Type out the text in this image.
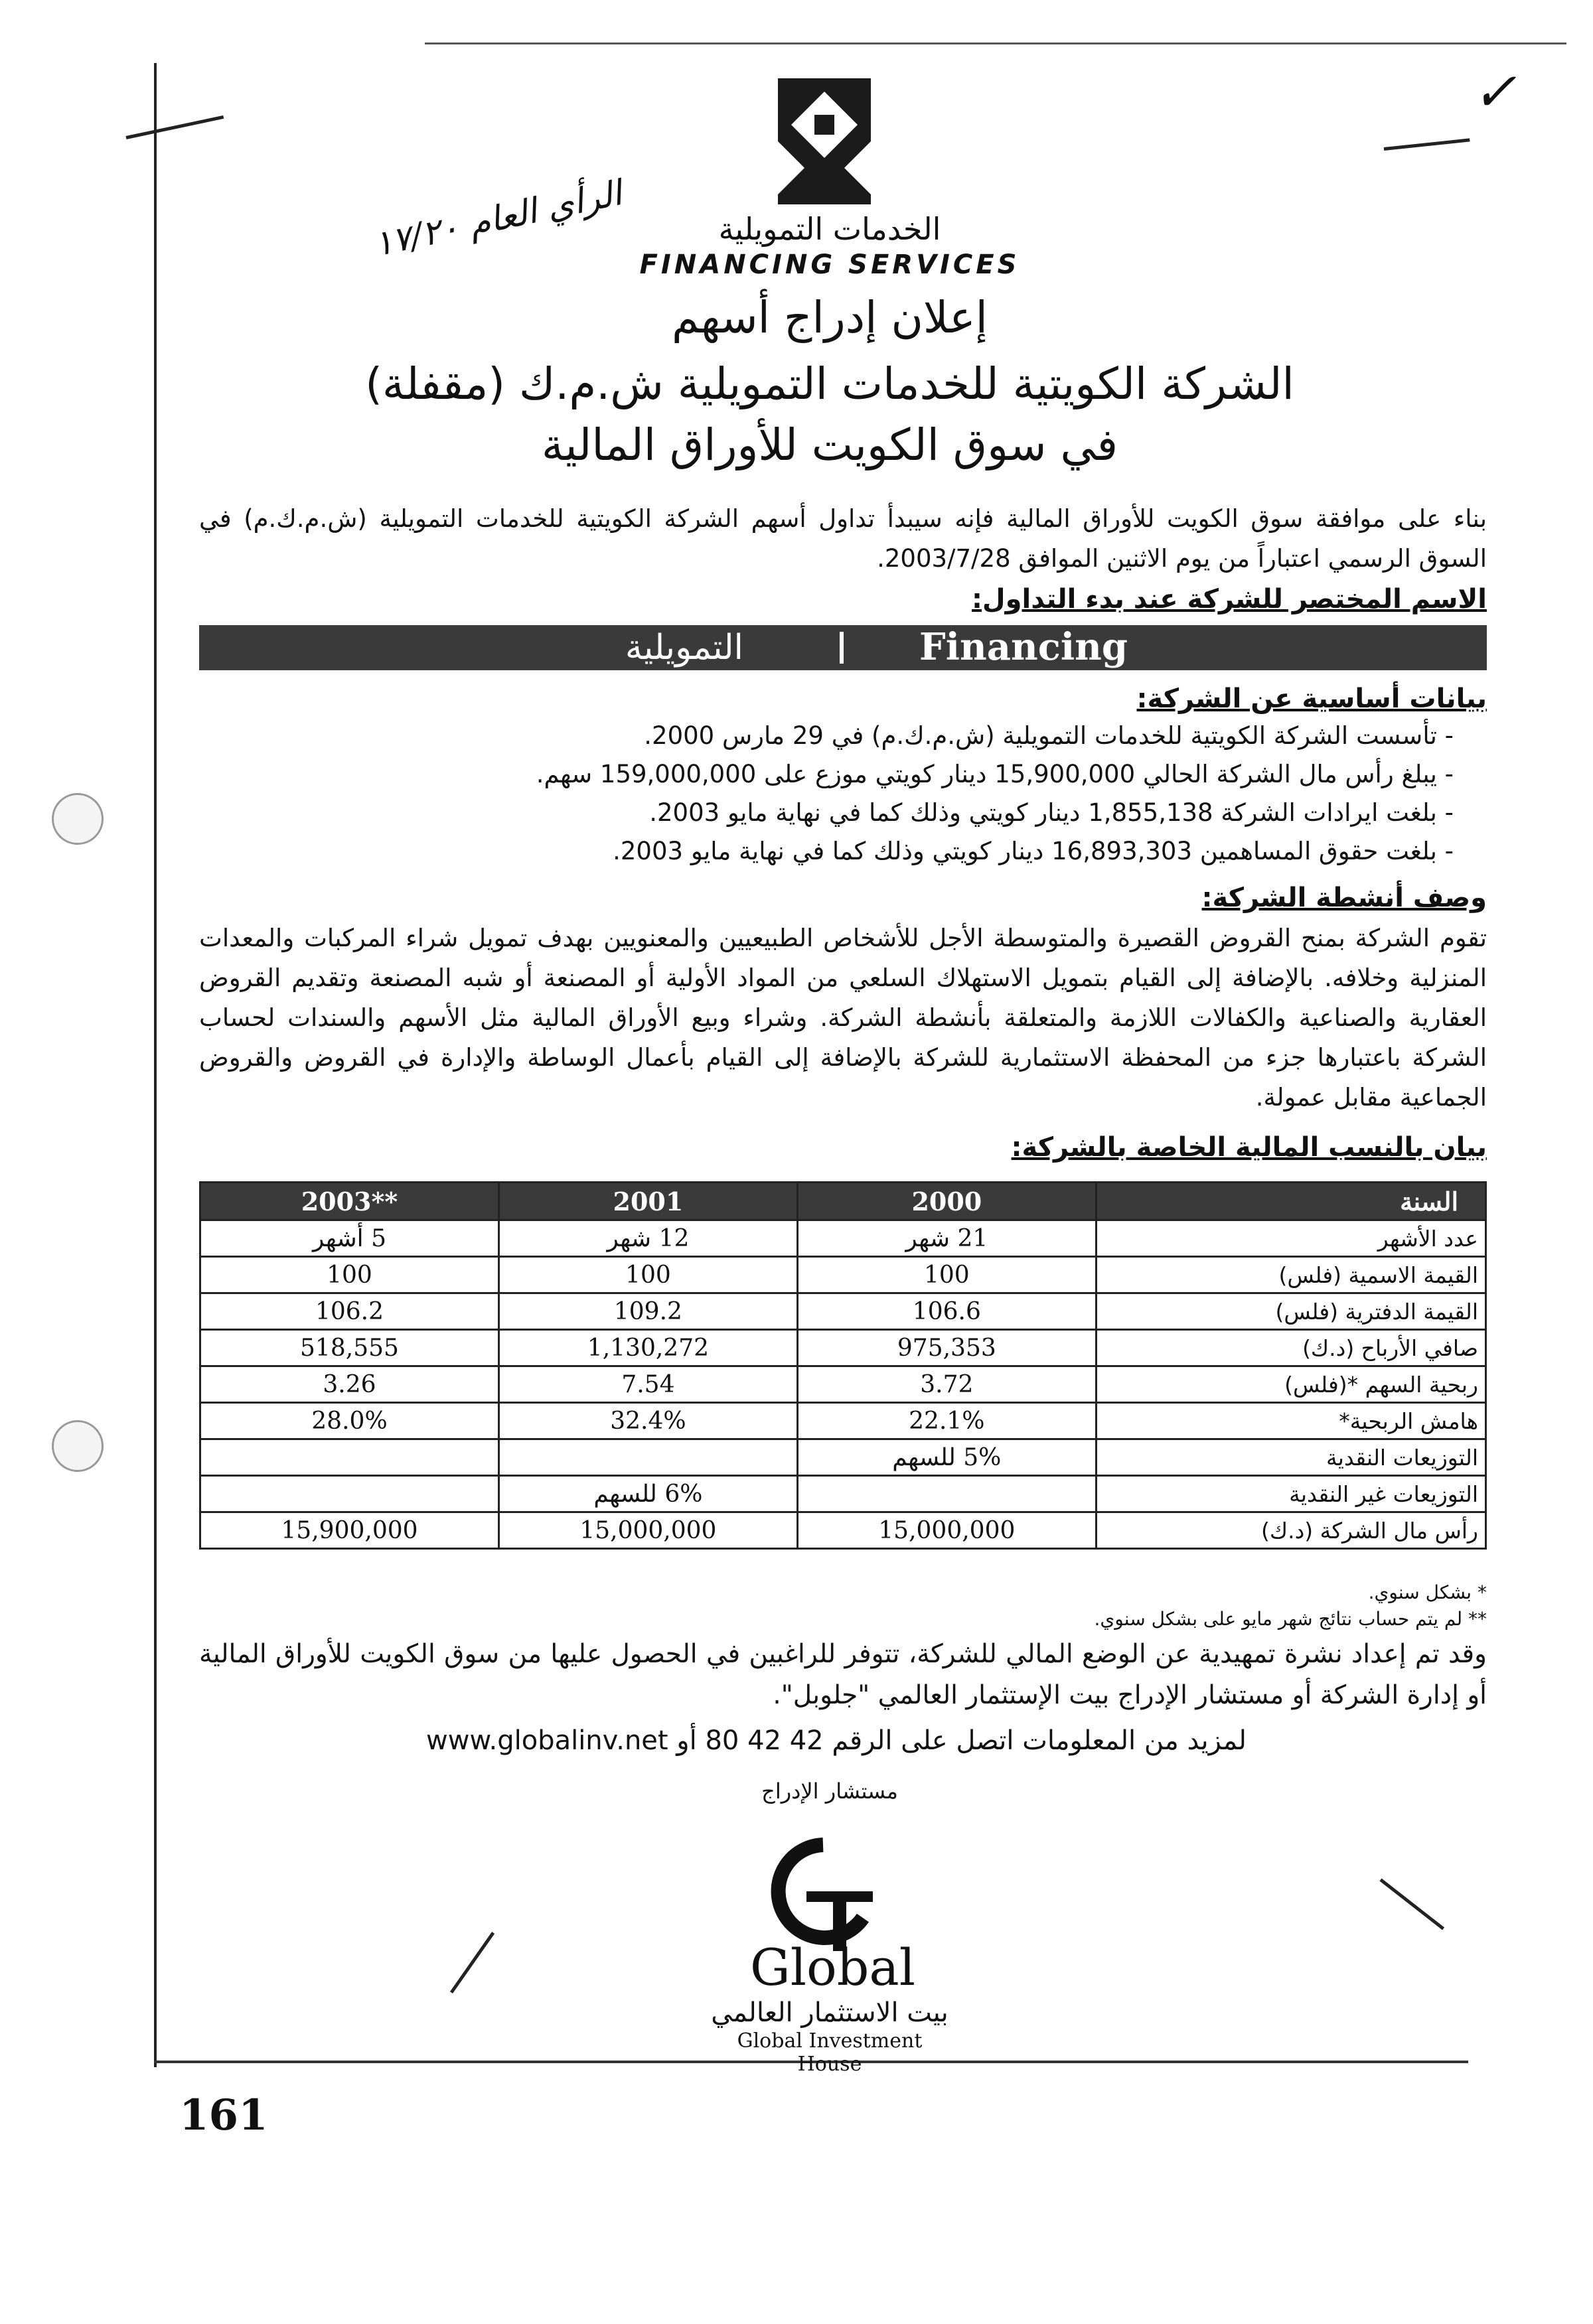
✓
الخدمات التمويلية
FINANCING SERVICES
الرأي العام ١٧/٢٠
إعلان إدراج أسهم
الشركة الكويتية للخدمات التمويلية ش.م.ك (مقفلة)
في سوق الكويت للأوراق المالية
بناء على موافقة سوق الكويت للأوراق المالية فإنه سيبدأ تداول أسهم الشركة الكويتية للخدمات التمويلية (ش.م.ك.م) في السوق الرسمي اعتباراً من يوم الاثنين الموافق 2003/7/28.
الاسم المختصر للشركة عند بدء التداول:
التمويلية	Financing
بيانات أساسية عن الشركة:
- تأسست الشركة الكويتية للخدمات التمويلية (ش.م.ك.م) في 29 مارس 2000.
- يبلغ رأس مال الشركة الحالي 15,900,000 دينار كويتي موزع على 159,000,000 سهم.
- بلغت ايرادات الشركة 1,855,138 دينار كويتي وذلك كما في نهاية مايو 2003.
- بلغت حقوق المساهمين 16,893,303 دينار كويتي وذلك كما في نهاية مايو 2003.
وصف أنشطة الشركة:
تقوم الشركة بمنح القروض القصيرة والمتوسطة الأجل للأشخاص الطبيعيين والمعنويين بهدف تمويل شراء المركبات والمعدات المنزلية وخلافه. بالإضافة إلى القيام بتمويل الاستهلاك السلعي من المواد الأولية أو المصنعة أو شبه المصنعة وتقديم القروض العقارية والصناعية والكفالات اللازمة والمتعلقة بأنشطة الشركة. وشراء وبيع الأوراق المالية مثل الأسهم والسندات لحساب الشركة باعتبارها جزء من المحفظة الاستثمارية للشركة بالإضافة إلى القيام بأعمال الوساطة والإدارة في القروض والقروض الجماعية مقابل عمولة.
بيان بالنسب المالية الخاصة بالشركة:
السنة	2000	2001	**2003
عدد الأشهر	21 شهر	12 شهر	5 أشهر
القيمة الاسمية (فلس)	100	100	100
القيمة الدفترية (فلس)	106.6	109.2	106.2
صافي الأرباح (د.ك)	975,353	1,130,272	518,555
ربحية السهم *(فلس)	3.72	7.54	3.26
هامش الربحية*	22.1%	32.4%	28.0%
التوزيعات النقدية	5% للسهم		
التوزيعات غير النقدية		6% للسهم	
رأس مال الشركة (د.ك)	15,000,000	15,000,000	15,900,000
* بشكل سنوي.
** لم يتم حساب نتائج شهر مايو على بشكل سنوي.
وقد تم إعداد نشرة تمهيدية عن الوضع المالي للشركة، تتوفر للراغبين في الحصول عليها من سوق الكويت للأوراق المالية أو إدارة الشركة أو مستشار الإدراج بيت الإستثمار العالمي "جلوبل".
لمزيد من المعلومات اتصل على الرقم 42 42 80 أو www.globalinv.net
مستشار الإدراج
Global
بيت الاستثمار العالمي
Global Investment House
161
